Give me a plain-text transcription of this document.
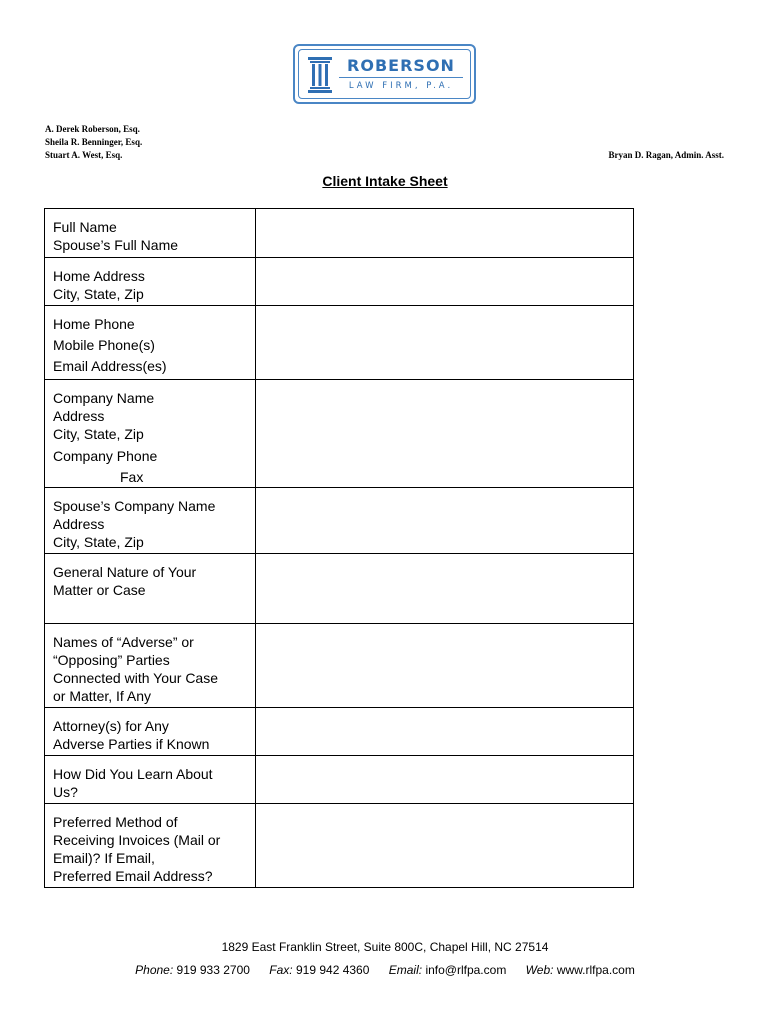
ROBERSON
LAW FIRM, P.A.
A. Derek Roberson, Esq.
Sheila R. Benninger, Esq.
Stuart A. West, Esq.	Bryan D. Ragan, Admin. Asst.
Client Intake Sheet
Full Name
Spouse’s Full Name	

Home Address
City, State, Zip	

Home Phone
Mobile Phone(s)
Email Address(es)	

Company Name
Address
City, State, Zip
Company Phone
Fax	

Spouse’s Company Name
Address
City, State, Zip	

General Nature of Your
Matter or Case	

Names of “Adverse” or
“Opposing” Parties
Connected with Your Case
or Matter, If Any	

Attorney(s) for Any
Adverse Parties if Known	

How Did You Learn About
Us?	

Preferred Method of
Receiving Invoices (Mail or
Email)? If Email,
Preferred Email Address?	

1829 East Franklin Street, Suite 800C, Chapel Hill, NC 27514
Phone: 919 933 2700 Fax: 919 942 4360 Email: info@rlfpa.com Web: www.rlfpa.com
